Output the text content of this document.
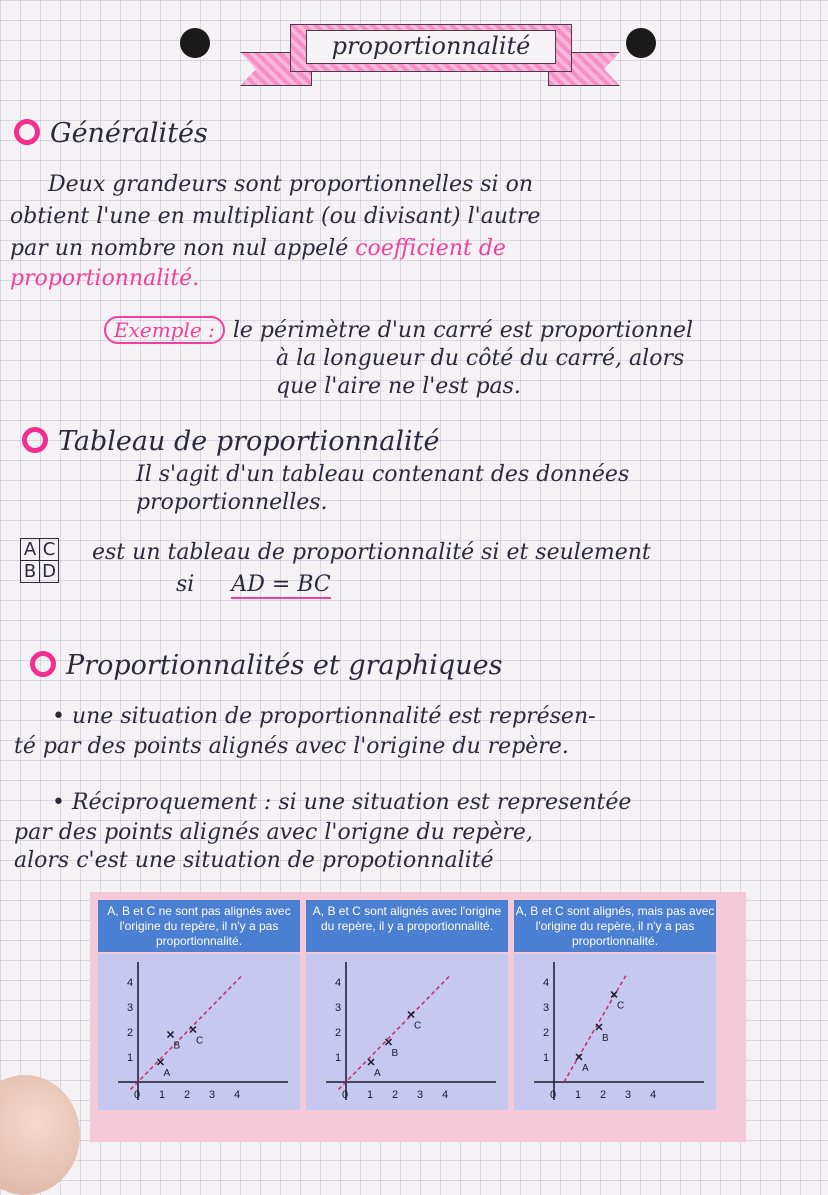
proportionnalité
Généralités
Deux grandeurs sont proportionnelles si on
obtient l'une en multipliant (ou divisant) l'autre
par un nombre non nul appelé coefficient de
proportionnalité.
Exemple : le périmètre d'un carré est proportionnel
à la longueur du côté du carré, alors
que l'aire ne l'est pas.
Tableau de proportionnalité
Il s'agit d'un tableau contenant des données
proportionnelles.
A	C
B	D
est un tableau de proportionnalité si et seulement
si AD = BC
Proportionnalités et graphiques
• une situation de proportionnalité est représen-
té par des points alignés avec l'origine du repère.
• Réciproquement : si une situation est representée
par des points alignés avec l'origne du repère,
alors c'est une situation de propotionnalité
A, B et C ne sont pas alignés avec l'origine du repère, il n'y a pas proportionnalité.
0 1 2 3 4
1
2
3
4
A
B C
A, B et C sont alignés avec l'origine du repère, il y a proportionnalité.
0 1 2 3 4
1
2
3
4
A
B
C
A, B et C sont alignés, mais pas avec l'origine du repère, il n'y a pas proportionnalité.
0 1 2 3 4
1
2
3
4
A
B
C
